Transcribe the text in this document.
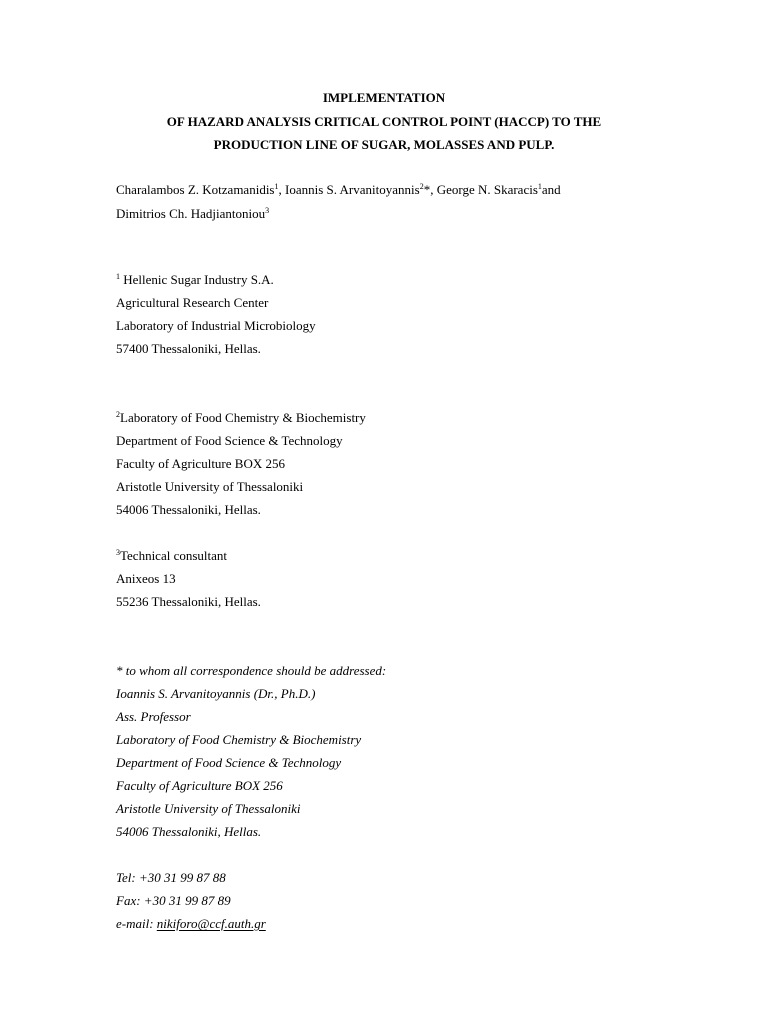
IMPLEMENTATION
OF HAZARD ANALYSIS CRITICAL CONTROL POINT (HACCP) TO THE
PRODUCTION LINE OF SUGAR, MOLASSES AND PULP.
Charalambos Z. Kotzamanidis$^1$, Ioannis S. Arvanitoyannis$^2$*, George N. Skaracis$^1$and
Dimitrios Ch. Hadjiantoniou$^3$
$^1$ Hellenic Sugar Industry S.A.
Agricultural Research Center
Laboratory of Industrial Microbiology
57400 Thessaloniki, Hellas.
$^2$Laboratory of Food Chemistry & Biochemistry
Department of Food Science & Technology
Faculty of Agriculture BOX 256
Aristotle University of Thessaloniki
54006 Thessaloniki, Hellas.
$^3$Technical consultant
Anixeos 13
55236 Thessaloniki, Hellas.
* to whom all correspondence should be addressed:
Ioannis S. Arvanitoyannis (Dr., Ph.D.)
Ass. Professor
Laboratory of Food Chemistry & Biochemistry
Department of Food Science & Technology
Faculty of Agriculture BOX 256
Aristotle University of Thessaloniki
54006 Thessaloniki, Hellas.
Tel: +30 31 99 87 88
Fax: +30 31 99 87 89
e-mail: nikiforo@ccf.auth.gr
